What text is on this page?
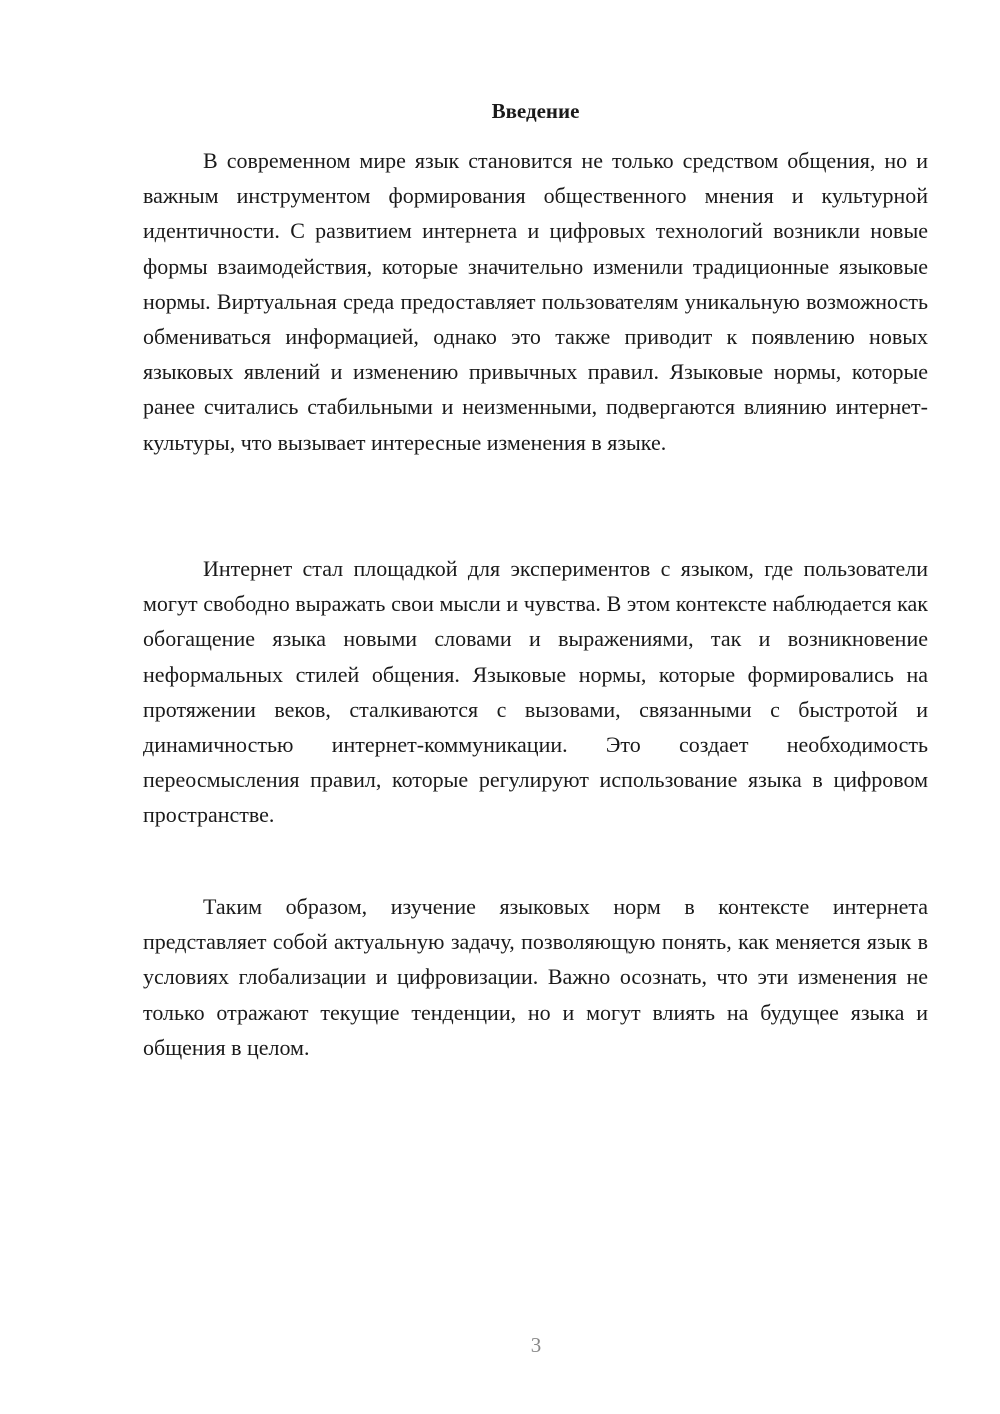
Введение

В современном мире язык становится не только средством общения, но и важным инструментом формирования общественного мнения и культурной идентичности. С развитием интернета и цифровых технологий возникли новые формы взаимодействия, которые значительно изменили традиционные языковые нормы. Виртуальная среда предоставляет пользователям уникальную возможность обмениваться информацией, однако это также приводит к появлению новых языковых явлений и изменению привычных правил. Языковые нормы, которые ранее считались стабильными и неизменными, подвергаются влиянию интернет-культуры, что вызывает интересные изменения в языке.

Интернет стал площадкой для экспериментов с языком, где пользователи могут свободно выражать свои мысли и чувства. В этом контексте наблюдается как обогащение языка новыми словами и выражениями, так и возникновение неформальных стилей общения. Языковые нормы, которые формировались на протяжении веков, сталкиваются с вызовами, связанными с быстротой и динамичностью интернет-коммуникации. Это создает необходимость переосмысления правил, которые регулируют использование языка в цифровом пространстве.

Таким образом, изучение языковых норм в контексте интернета представляет собой актуальную задачу, позволяющую понять, как меняется язык в условиях глобализации и цифровизации. Важно осознать, что эти изменения не только отражают текущие тенденции, но и могут влиять на будущее языка и общения в целом.

3
